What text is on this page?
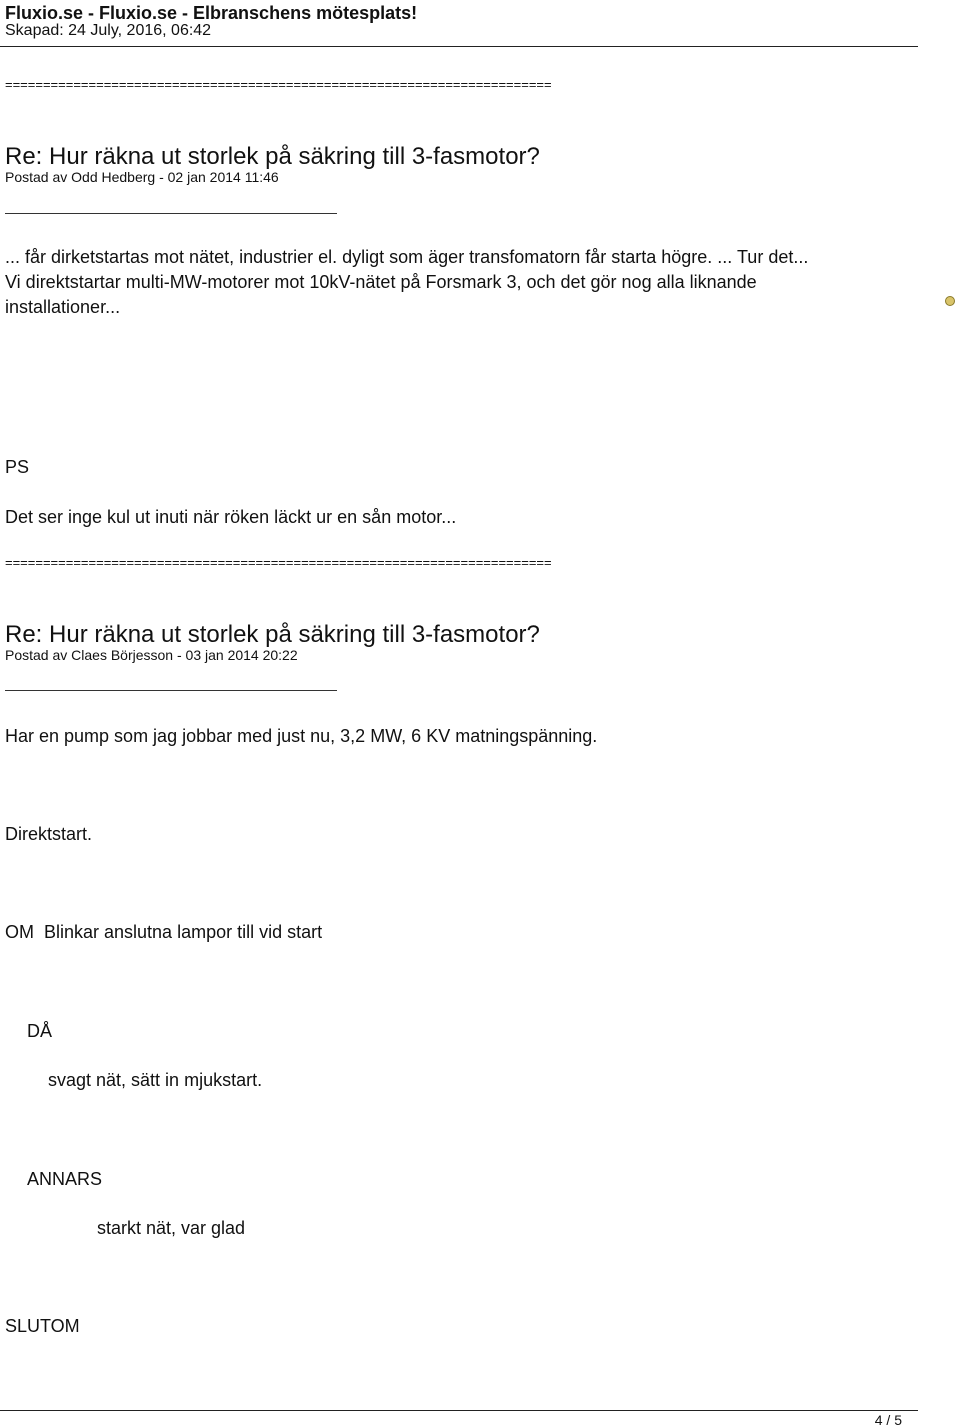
Fluxio.se - Fluxio.se - Elbranschens mötesplats!
Skapad: 24 July, 2016, 06:42
========================================================================
Re: Hur räkna ut storlek på säkring till 3-fasmotor?
Postad av Odd Hedberg - 02 jan 2014 11:46
... får dirketstartas mot nätet, industrier el. dyligt som äger transfomatorn får starta högre. ... Tur det...
Vi direktstartar multi-MW-motorer mot 10kV-nätet på Forsmark 3, och det gör nog alla liknande
installationer...
PS
Det ser inge kul ut inuti när röken läckt ur en sån motor...
========================================================================
Re: Hur räkna ut storlek på säkring till 3-fasmotor?
Postad av Claes Börjesson - 03 jan 2014 20:22
Har en pump som jag jobbar med just nu, 3,2 MW, 6 KV matningspänning.
Direktstart.
OM  Blinkar anslutna lampor till vid start
DÅ
svagt nät, sätt in mjukstart.
ANNARS
starkt nät, var glad
SLUTOM
4 / 5
